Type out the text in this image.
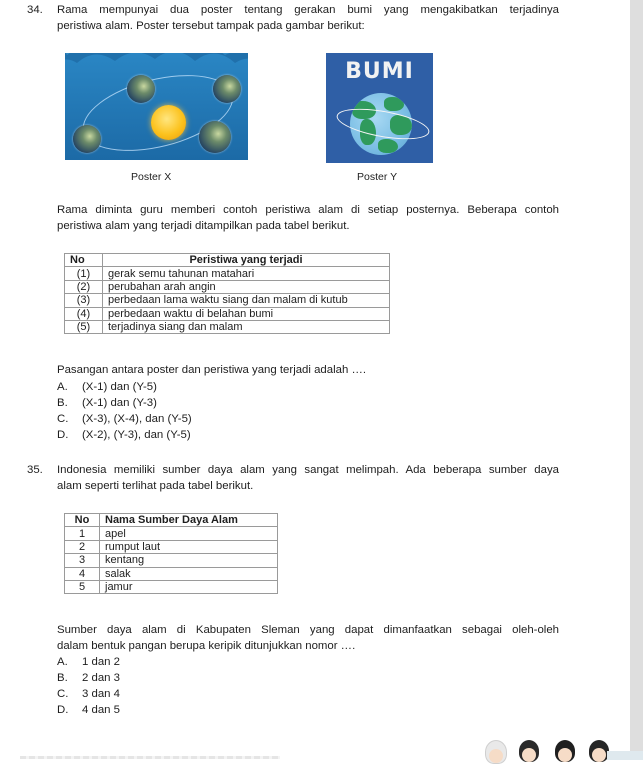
34. Rama mempunyai dua poster tentang gerakan bumi yang mengakibatkan terjadinya
peristiwa alam. Poster tersebut tampak pada gambar berikut:
Poster X
BUMI
Poster Y
Rama diminta guru memberi contoh peristiwa alam di setiap posternya. Beberapa contoh
peristiwa alam yang terjadi ditampilkan pada tabel berikut.
No	Peristiwa yang terjadi
(1)	gerak semu tahunan matahari
(2)	perubahan arah angin
(3)	perbedaan lama waktu siang dan malam di kutub
(4)	perbedaan waktu di belahan bumi
(5)	terjadinya siang dan malam
Pasangan antara poster dan peristiwa yang terjadi adalah ….
A. (X-1) dan (Y-5)
B. (X-1) dan (Y-3)
C. (X-3), (X-4), dan (Y-5)
D. (X-2), (Y-3), dan (Y-5)
35. Indonesia memiliki sumber daya alam yang sangat melimpah. Ada beberapa sumber daya
alam seperti terlihat pada tabel berikut.
No	Nama Sumber Daya Alam
1	apel
2	rumput laut
3	kentang
4	salak
5	jamur
Sumber daya alam di Kabupaten Sleman yang dapat dimanfaatkan sebagai oleh-oleh
dalam bentuk pangan berupa keripik ditunjukkan nomor ….
A. 1 dan 2
B. 2 dan 3
C. 3 dan 4
D. 4 dan 5
